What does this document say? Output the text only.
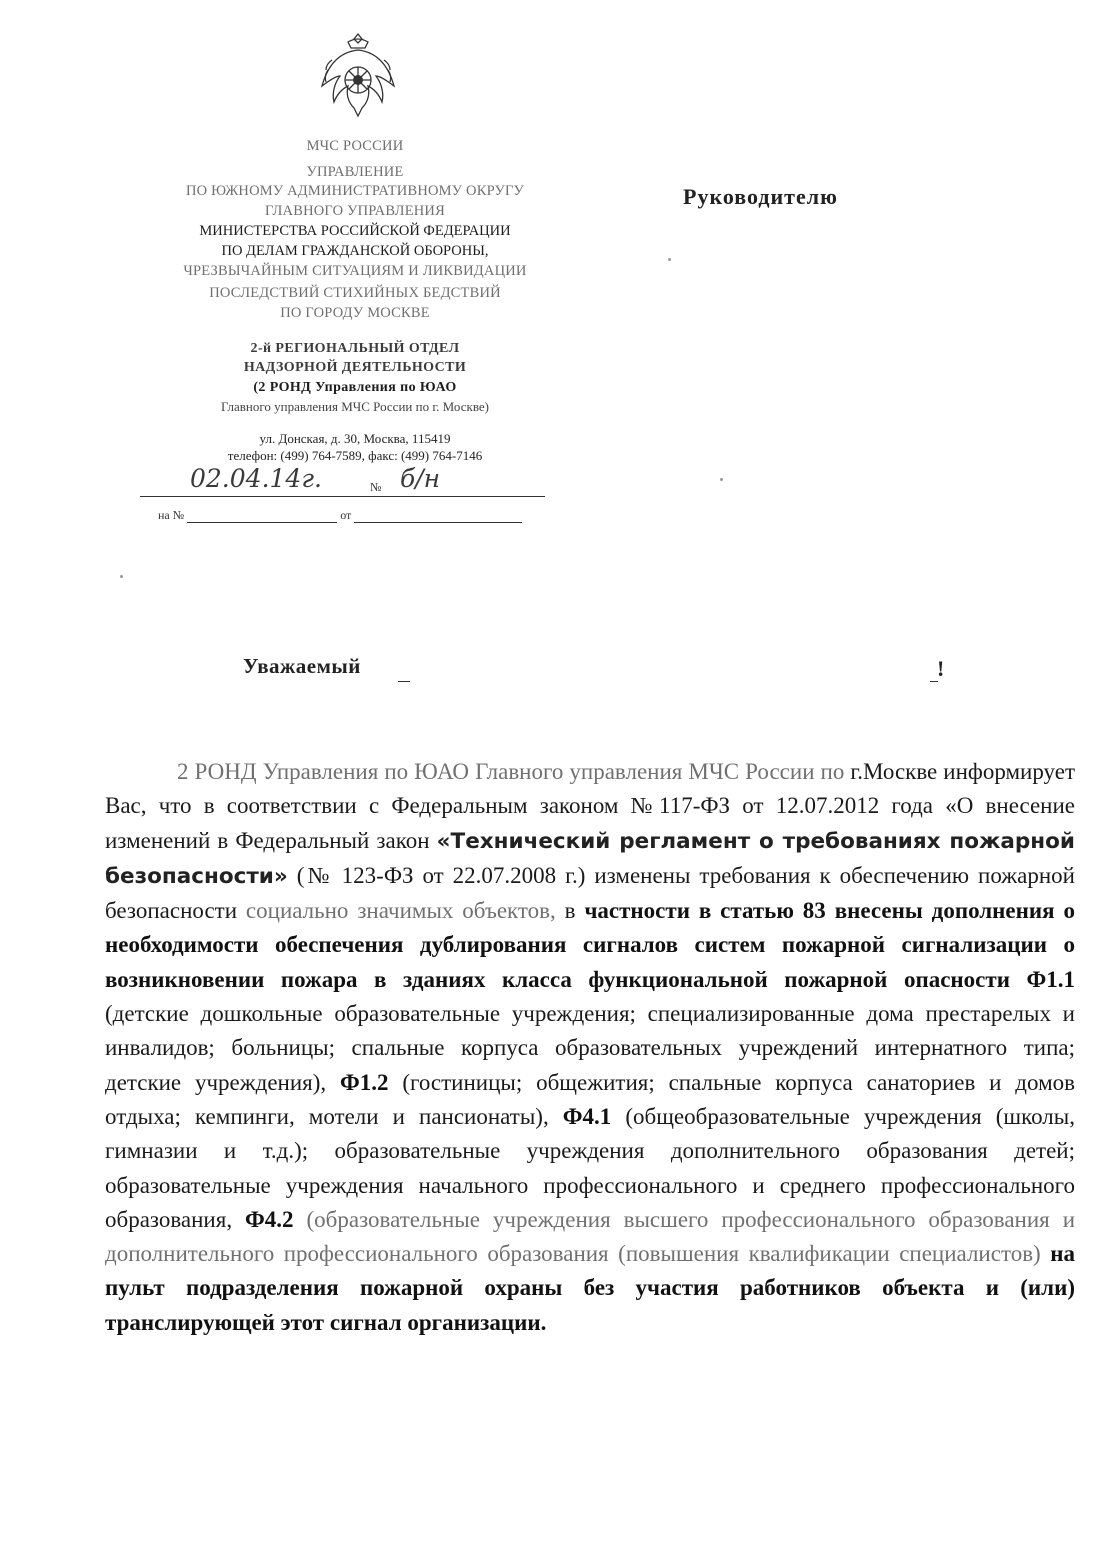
МЧС РОССИИ

УПРАВЛЕНИЕ

ПО ЮЖНОМУ АДМИНИСТРАТИВНОМУ ОКРУГУ

ГЛАВНОГО УПРАВЛЕНИЯ

МИНИСТЕРСТВА РОССИЙСКОЙ ФЕДЕРАЦИИ

ПО ДЕЛАМ ГРАЖДАНСКОЙ ОБОРОНЫ,

ЧРЕЗВЫЧАЙНЫМ СИТУАЦИЯМ И ЛИКВИДАЦИИ

ПОСЛЕДСТВИЙ СТИХИЙНЫХ БЕДСТВИЙ

ПО ГОРОДУ МОСКВЕ

2-й РЕГИОНАЛЬНЫЙ ОТДЕЛ

НАДЗОРНОЙ ДЕЯТЕЛЬНОСТИ

(2 РОНД Управления по ЮАО

Главного управления МЧС России по г. Москве)

ул. Донская, д. 30, Москва, 115419

телефон: (499) 764-7589, факс: (499) 764-7146

02.04.14г.	№ б/н
на №	от
Руководителю
Уважаемый	!

2 РОНД Управления по ЮАО Главного управления МЧС России по г.Москве информирует Вас, что в соответствии с Федеральным законом №117-ФЗ от 12.07.2012 года «О внесение изменений в Федеральный закон «Технический регламент о требованиях пожарной безопасности» (№ 123-ФЗ от 22.07.2008 г.) изменены требования к обеспечению пожарной безопасности социально значимых объектов, в частности в статью 83 внесены дополнения о необходимости обеспечения дублирования сигналов систем пожарной сигнализации о возникновении пожара в зданиях класса функциональной пожарной опасности Ф1.1 (детские дошкольные образовательные учреждения; специализированные дома престарелых и инвалидов; больницы; спальные корпуса образовательных учреждений интернатного типа; детские учреждения), Ф1.2 (гостиницы; общежития; спальные корпуса санаториев и домов отдыха; кемпинги, мотели и пансионаты), Ф4.1 (общеобразовательные учреждения (школы, гимназии и т.д.); образовательные учреждения дополнительного образования детей; образовательные учреждения начального профессионального и среднего профессионального образования, Ф4.2 (образовательные учреждения высшего профессионального образования и дополнительного профессионального образования (повышения квалификации специалистов) на пульт подразделения пожарной охраны без участия работников объекта и (или) транслирующей этот сигнал организации.
